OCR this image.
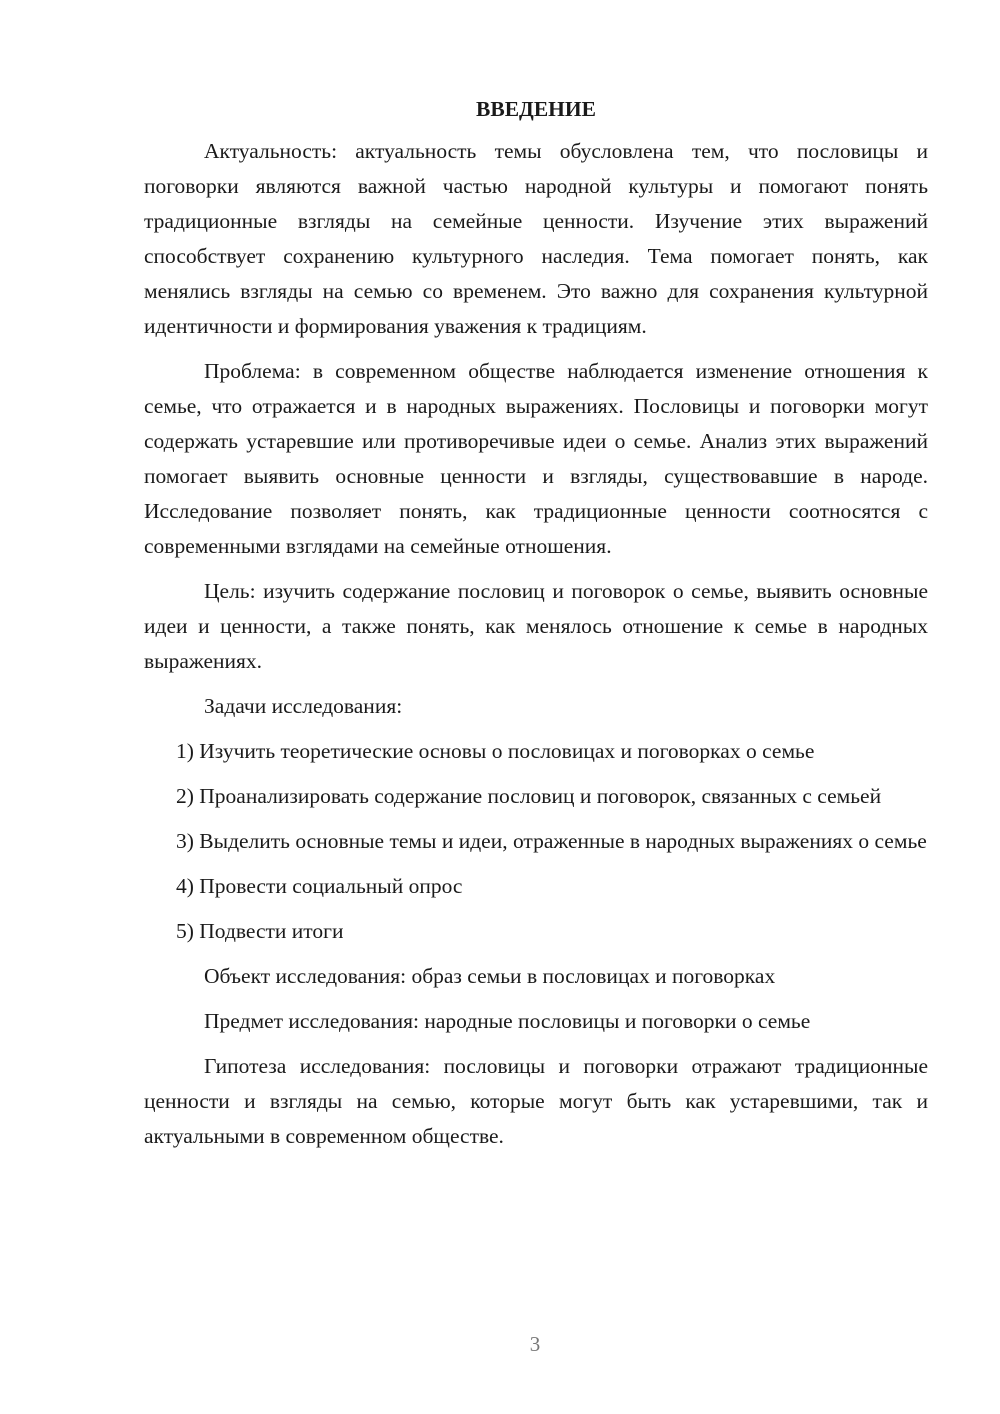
ВВЕДЕНИЕ

Актуальность: актуальность темы обусловлена тем, что пословицы и поговорки являются важной частью народной культуры и помогают понять традиционные взгляды на семейные ценности. Изучение этих выражений способствует сохранению культурного наследия. Тема помогает понять, как менялись взгляды на семью со временем. Это важно для сохранения культурной идентичности и формирования уважения к традициям.

Проблема: в современном обществе наблюдается изменение отношения к семье, что отражается и в народных выражениях. Пословицы и поговорки могут содержать устаревшие или противоречивые идеи о семье. Анализ этих выражений помогает выявить основные ценности и взгляды, существовавшие в народе. Исследование позволяет понять, как традиционные ценности соотносятся с современными взглядами на семейные отношения.

Цель: изучить содержание пословиц и поговорок о семье, выявить основные идеи и ценности, а также понять, как менялось отношение к семье в народных выражениях.

Задачи исследования:

1) Изучить теоретические основы о пословицах и поговорках о семье

2) Проанализировать содержание пословиц и поговорок, связанных с семьей

3) Выделить основные темы и идеи, отраженные в народных выражениях о семье

4) Провести социальный опрос

5) Подвести итоги

Объект исследования: образ семьи в пословицах и поговорках

Предмет исследования: народные пословицы и поговорки о семье

Гипотеза исследования: пословицы и поговорки отражают традиционные ценности и взгляды на семью, которые могут быть как устаревшими, так и актуальными в современном обществе.

3
